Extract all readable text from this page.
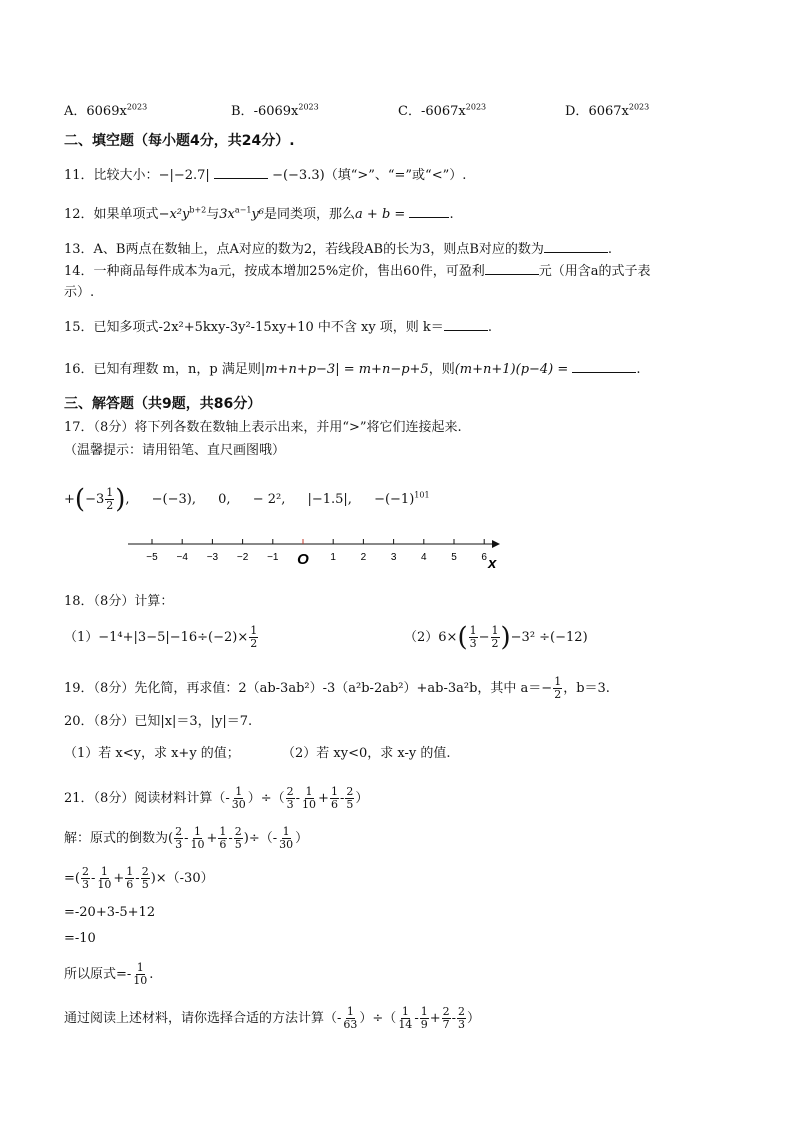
A．$6069x^{2023}$	B．$-6069x^{2023}$	C．$-6067x^{2023}$	D．$6067x^{2023}$
二、填空题（每小题4分，共24分）.
11．比较大小：−|−2.7|	−(−3.3)（填“>”、“=”或“<”）.
12．如果单项式$-x^2y^{b+2}$与$3x^{a-1}y^6$是同类项，那么a + b =	.
13．A、B两点在数轴上，点A对应的数为2，若线段AB的长为3，则点B对应的数为	.
14．一种商品每件成本为a元，按成本增加25%定价，售出60件，可盈利	元（用含a的式子表
示）.
15．已知多项式-2x²+5kxy-3y²-15xy+10 中不含 xy 项，则 k＝	.
16．已知有理数 m，n，p 满足则|m+n+p−3| = m+n−p+5，则(m+n+1)(p−4) =	.
三、解答题（共9题，共86分）
17．（8分）将下列各数在数轴上表示出来，并用“>”将它们连接起来.
（温馨提示：请用铅笔、直尺画图哦）
$+(-3 \frac{1}{2}$ ), −(−3), 0, − 2², |−1.5|, $-(-1)^{101}$
−5 −4 −3 −2 −1 O 1 2 3 4 5 6 x
18．（8分）计算：
$(1)-1^4+|3-5|-16\div(-2)\times \frac{1}{2}$	$(2)6\times( \frac{1}{3} - \frac{1}{2} )-3^2 \div(-12)$
19．（8分）先化简，再求值：2（ab-3ab²）-3（a²b-2ab²）+ab-3a²b，其中 $a=- \frac{1}{2}$ ，b＝3.
20．（8分）已知|x|＝3，|y|＝7.
（1）若 x<y，求 x+y 的值；	（2）若 xy<0，求 x-y 的值.
21．（8分）阅读材料计算（- $\frac{1}{30}$ ）÷（ $\frac{2}{3} - \frac{1}{10} + \frac{1}{6} - \frac{2}{5}$ ）
解：原式的倒数为( $\frac{2}{3} - \frac{1}{10} + \frac{1}{6} - \frac{2}{5}$ )÷（- $\frac{1}{30}$ ）
=( $\frac{2}{3} - \frac{1}{10} + \frac{1}{6} - \frac{2}{5} )\times(-30)$
=-20+3-5+12
=-10
所以原式=- $\frac{1}{10}$ .
通过阅读上述材料，请你选择合适的方法计算（- $\frac{1}{63}$ ）÷（ $\frac{1}{14} - \frac{1}{9} + \frac{2}{7} - \frac{2}{3}$ ）
